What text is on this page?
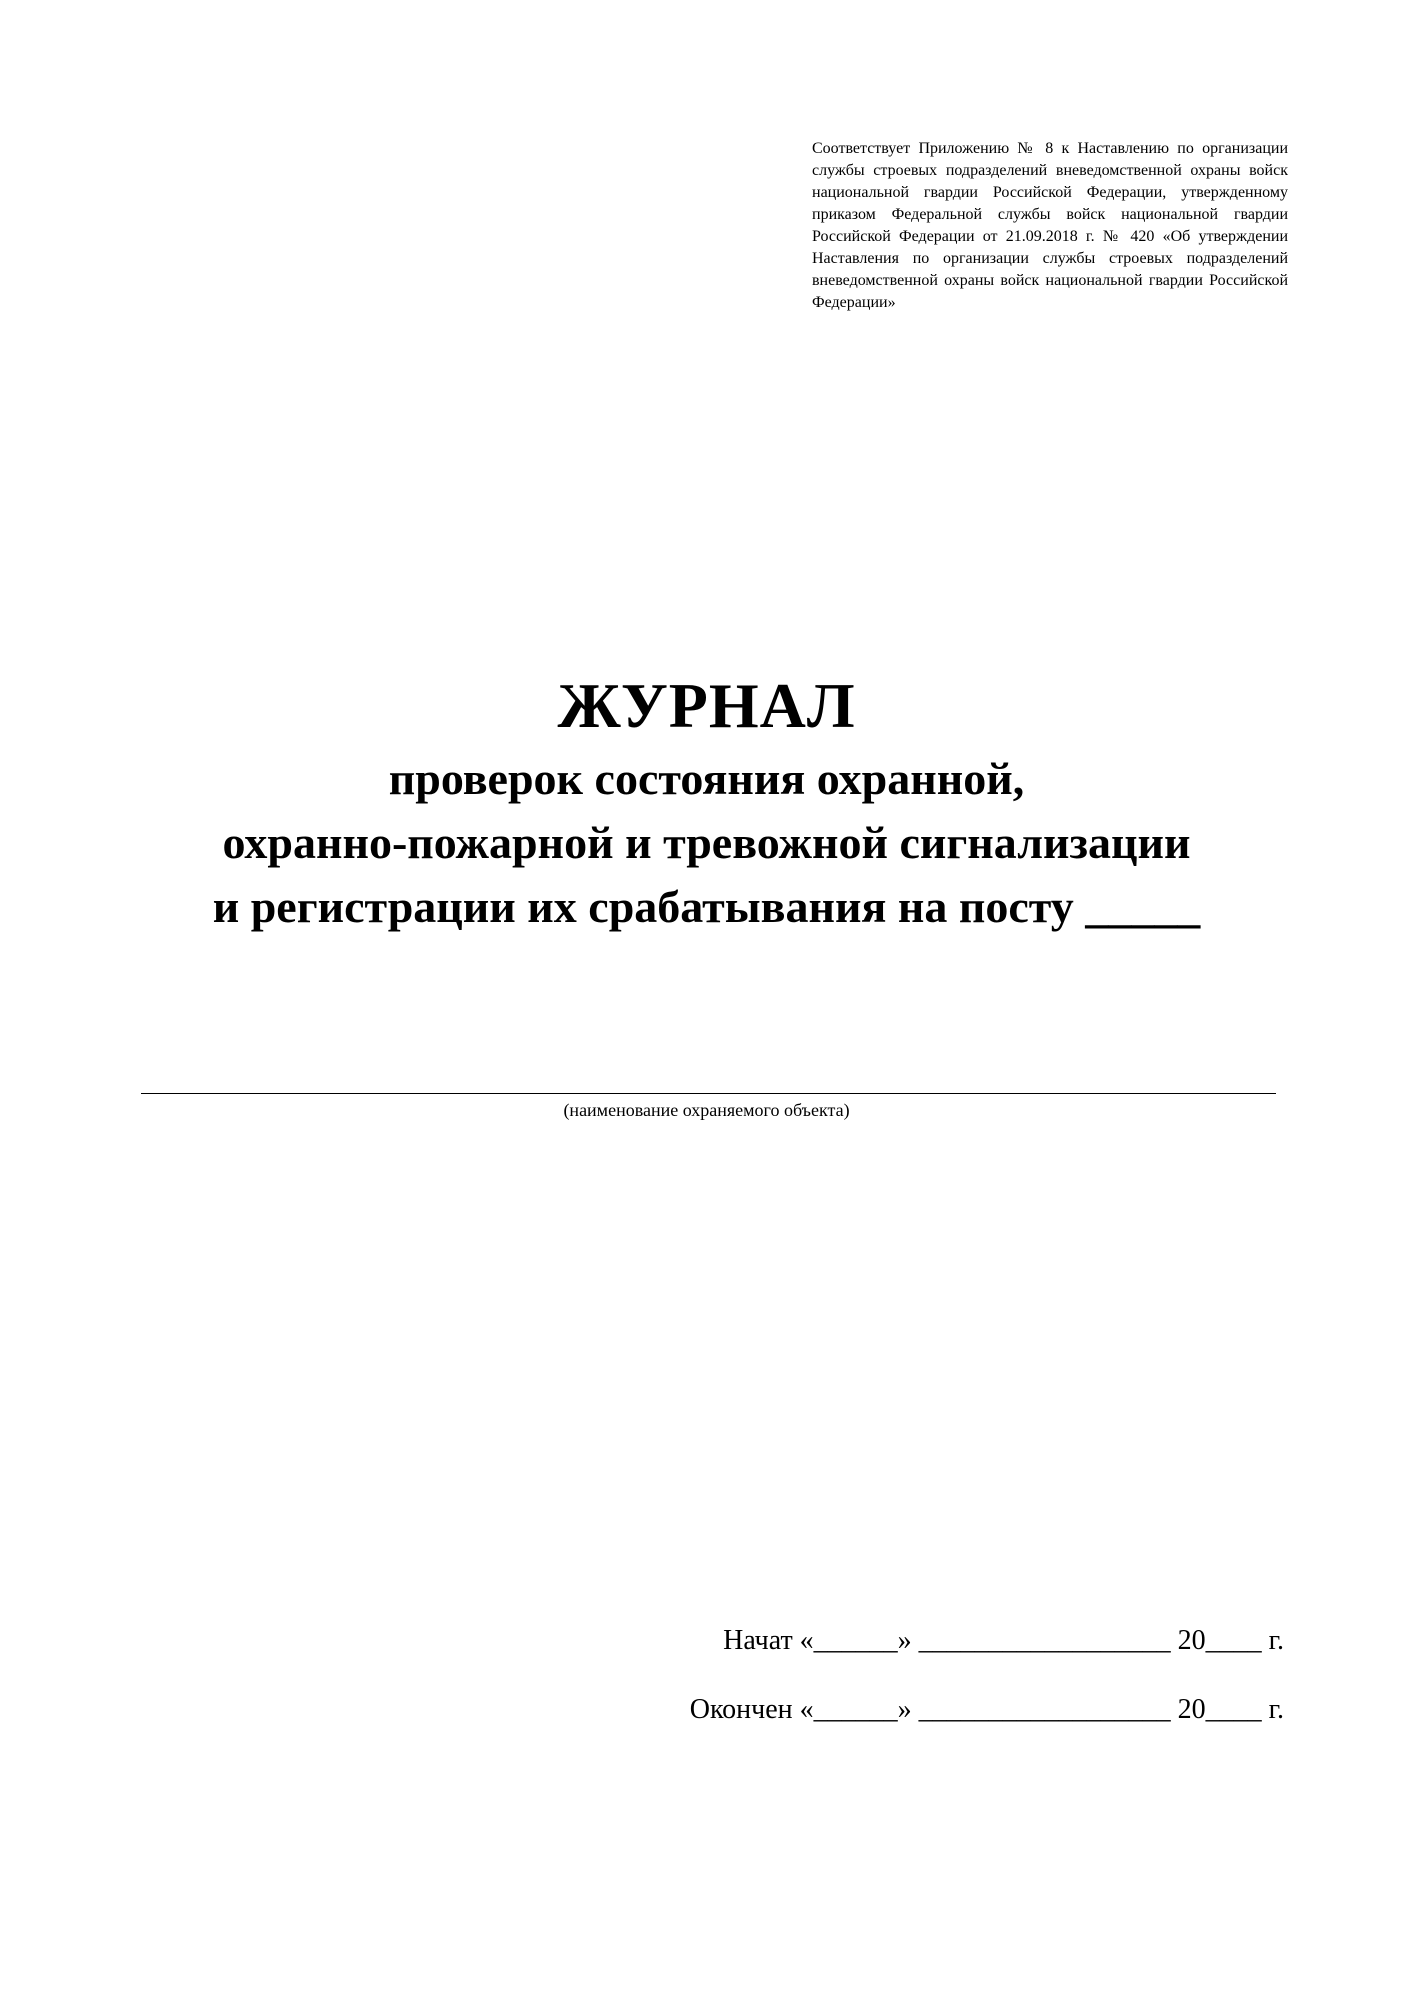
Соответствует Приложению № 8 к Наставлению по организации службы строевых подразделений вневедомственной охраны войск национальной гвардии Российской Федерации, утвержденному приказом Федеральной службы войск национальной гвардии Российской Федерации от 21.09.2018 г. № 420 «Об утверждении Наставления по организации службы строевых подразделений вневедомственной охраны войск национальной гвардии Российской Федерации»

ЖУРНАЛ
проверок состояния охранной,
охранно-пожарной и тревожной сигнализации
и регистрации их срабатывания на посту _____
(наименование охраняемого объекта)
Начат «______» __________________ 20____ г.
Окончен «______» __________________ 20____ г.
